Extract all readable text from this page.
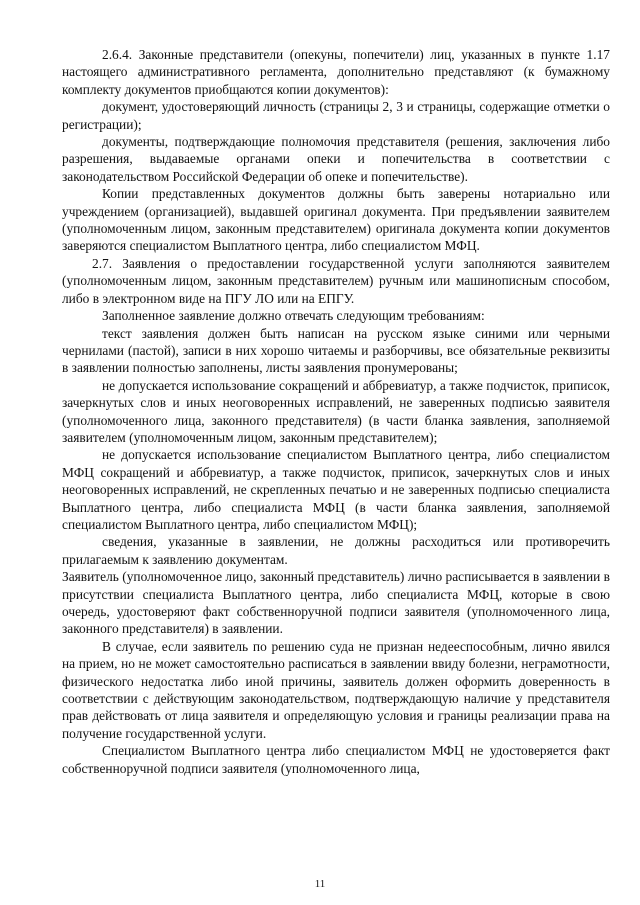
2.6.4. Законные представители (опекуны, попечители) лиц, указанных в пункте 1.17 настоящего административного регламента, дополнительно представляют (к бумажному комплекту документов приобщаются копии документов):

документ, удостоверяющий личность (страницы 2, 3 и страницы, содержащие отметки о регистрации);

документы, подтверждающие полномочия представителя (решения, заключения либо разрешения, выдаваемые органами опеки и попечительства в соответствии с законодательством Российской Федерации об опеке и попечительстве).

Копии представленных документов должны быть заверены нотариально или учреждением (организацией), выдавшей оригинал документа. При предъявлении заявителем (уполномоченным лицом, законным представителем) оригинала документа копии документов заверяются специалистом Выплатного центра, либо специалистом МФЦ.

2.7. Заявления о предоставлении государственной услуги заполняются заявителем (уполномоченным лицом, законным представителем) ручным или машинописным способом, либо в электронном виде на ПГУ ЛО или на ЕПГУ.

Заполненное заявление должно отвечать следующим требованиям:

текст заявления должен быть написан на русском языке синими или черными чернилами (пастой), записи в них хорошо читаемы и разборчивы, все обязательные реквизиты в заявлении полностью заполнены, листы заявления пронумерованы;

не допускается использование сокращений и аббревиатур, а также подчисток, приписок, зачеркнутых слов и иных неоговоренных исправлений, не заверенных подписью заявителя (уполномоченного лица, законного представителя) (в части бланка заявления, заполняемой заявителем (уполномоченным лицом, законным представителем);

не допускается использование специалистом Выплатного центра, либо специалистом МФЦ сокращений и аббревиатур, а также подчисток, приписок, зачеркнутых слов и иных неоговоренных исправлений, не скрепленных печатью и не заверенных подписью специалиста Выплатного центра, либо специалиста МФЦ (в части бланка заявления, заполняемой специалистом Выплатного центра, либо специалистом МФЦ);

сведения, указанные в заявлении, не должны расходиться или противоречить прилагаемым к заявлению документам.

Заявитель (уполномоченное лицо, законный представитель) лично расписывается в заявлении в присутствии специалиста Выплатного центра, либо специалиста МФЦ, которые в свою очередь, удостоверяют факт собственноручной подписи заявителя (уполномоченного лица, законного представителя) в заявлении.

В случае, если заявитель по решению суда не признан недееспособным, лично явился на прием, но не может самостоятельно расписаться в заявлении ввиду болезни, неграмотности, физического недостатка либо иной причины, заявитель должен оформить доверенность в соответствии с действующим законодательством, подтверждающую наличие у представителя прав действовать от лица заявителя и определяющую условия и границы реализации права на получение государственной услуги.

Специалистом Выплатного центра либо специалистом МФЦ не удостоверяется факт собственноручной подписи заявителя (уполномоченного лица,

11
